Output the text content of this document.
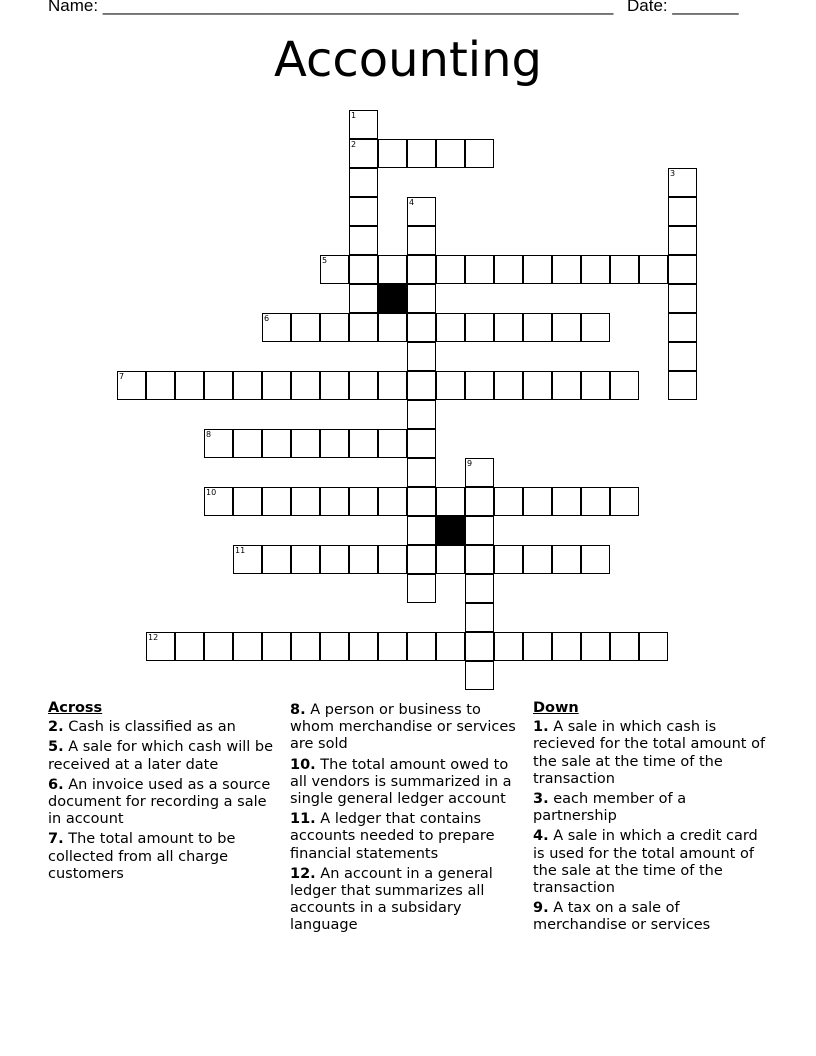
Name: ______________________________________________________ Date: _______
Accounting
1
2
3
4
5
6
7
8
9
10
11
12
Across
2. Cash is classified as an
5. A sale for which cash will be received at a later date
6. An invoice used as a source document for recording a sale in account
7. The total amount to be collected from all charge customers
8. A person or business to whom merchandise or services are sold
10. The total amount owed to all vendors is summarized in a single general ledger account
11. A ledger that contains accounts needed to prepare financial statements
12. An account in a general ledger that summarizes all accounts in a subsidary language
Down
1. A sale in which cash is recieved for the total amount of the sale at the time of the transaction
3. each member of a partnership
4. A sale in which a credit card is used for the total amount of the sale at the time of the transaction
9. A tax on a sale of merchandise or services
